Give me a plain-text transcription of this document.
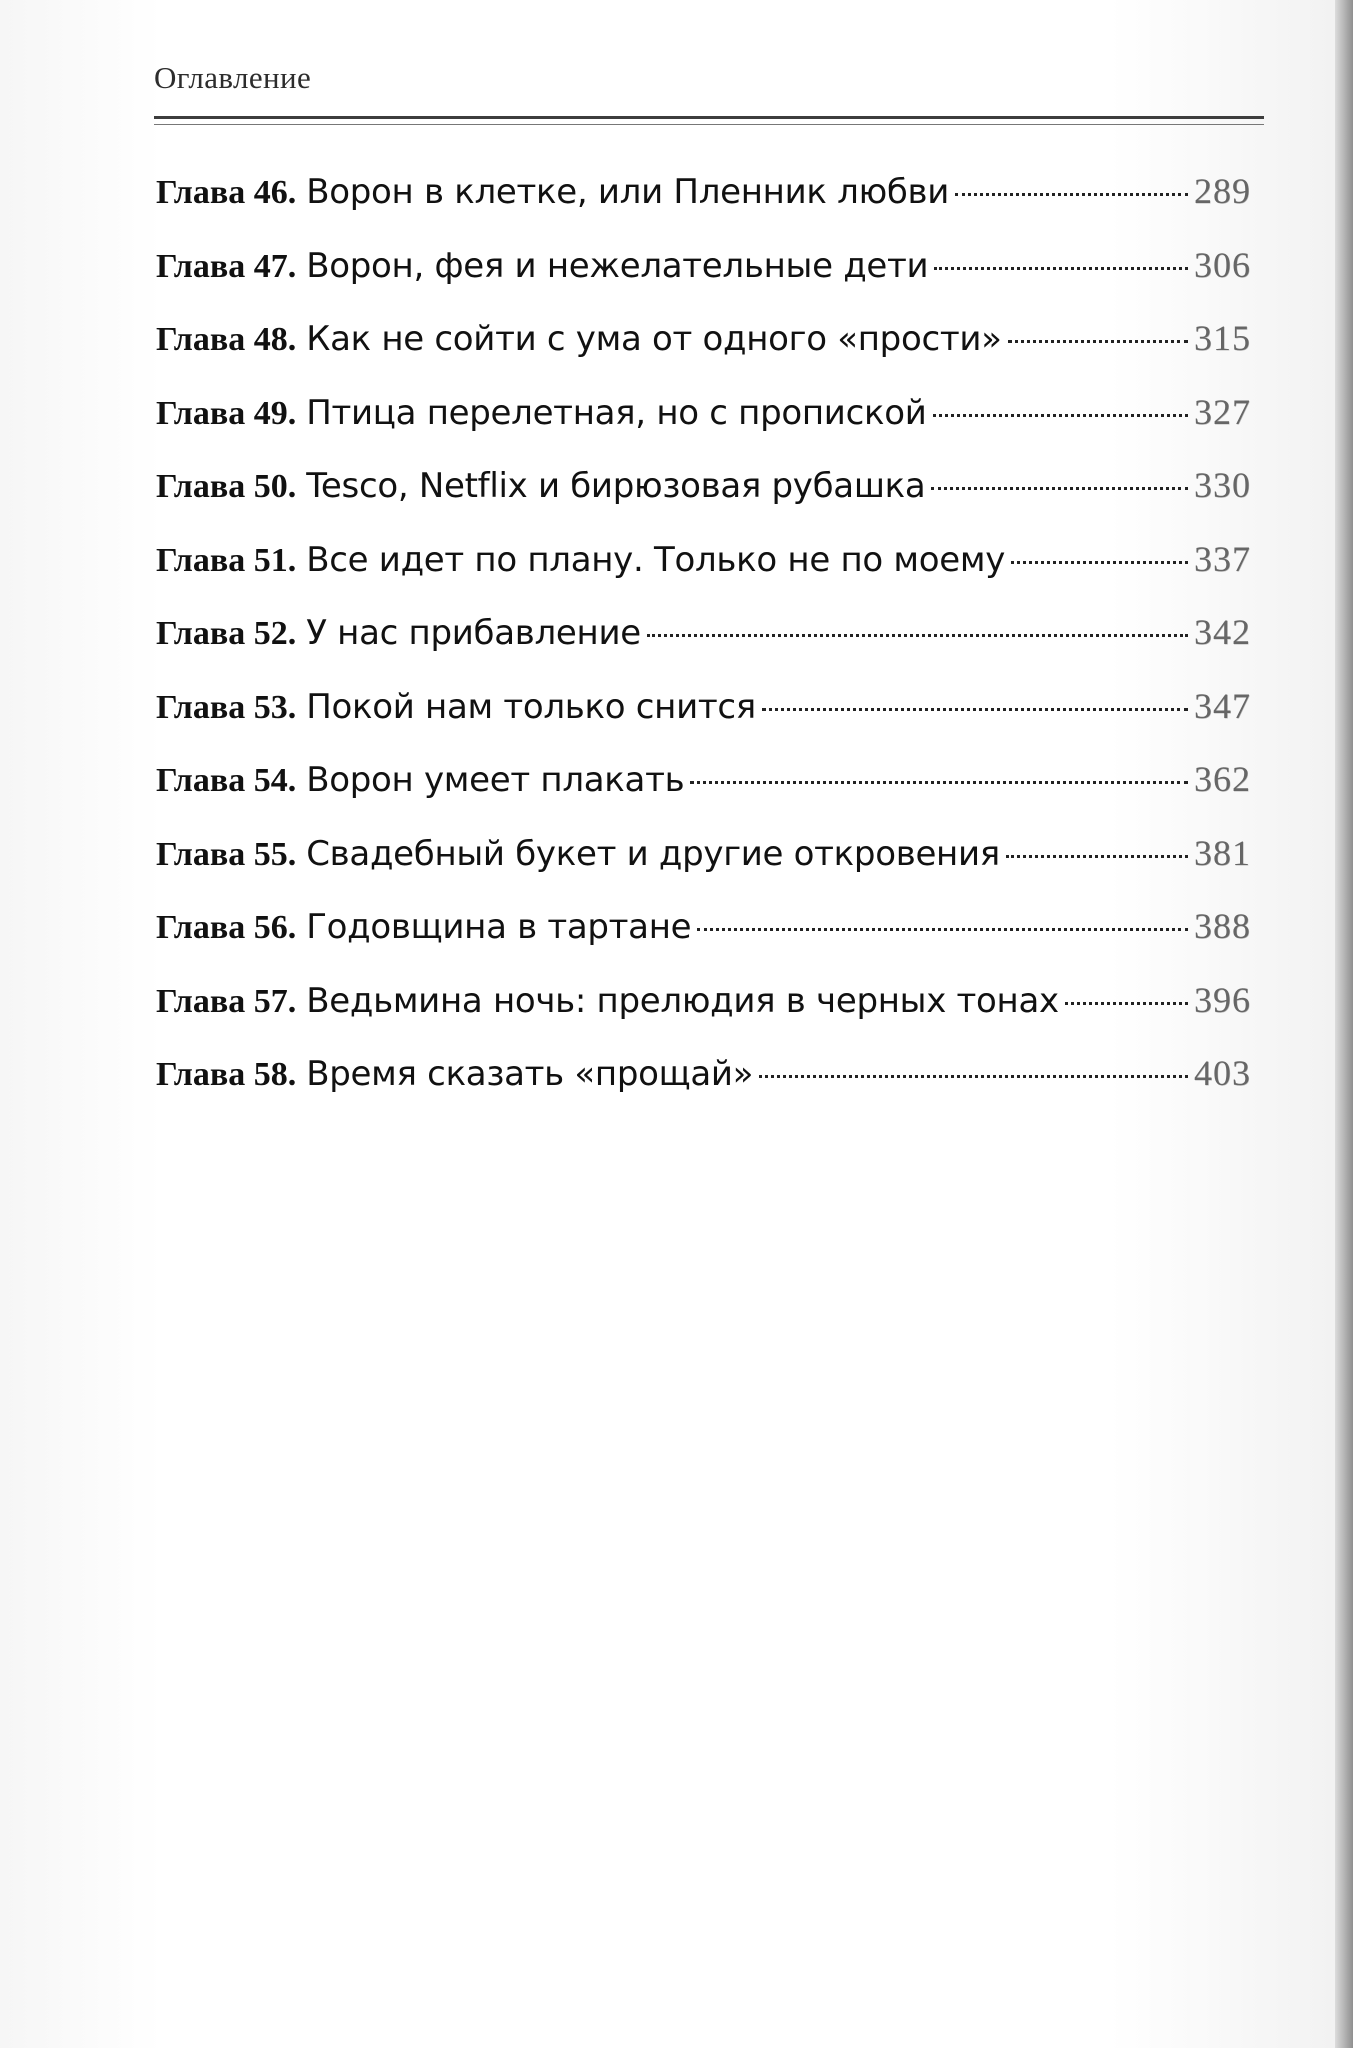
Оглавление
Глава 46. Ворон в клетке, или Пленник любви	289
Глава 47. Ворон, фея и нежелательные дети	306
Глава 48. Как не сойти с ума от одного «прости»	315
Глава 49. Птица перелетная, но с пропиской	327
Глава 50. Tesco, Netflix и бирюзовая рубашка	330
Глава 51. Все идет по плану. Только не по моему	337
Глава 52. У нас прибавление	342
Глава 53. Покой нам только снится	347
Глава 54. Ворон умеет плакать	362
Глава 55. Свадебный букет и другие откровения	381
Глава 56. Годовщина в тартане	388
Глава 57. Ведьмина ночь: прелюдия в черных тонах	396
Глава 58. Время сказать «прощай»	403
